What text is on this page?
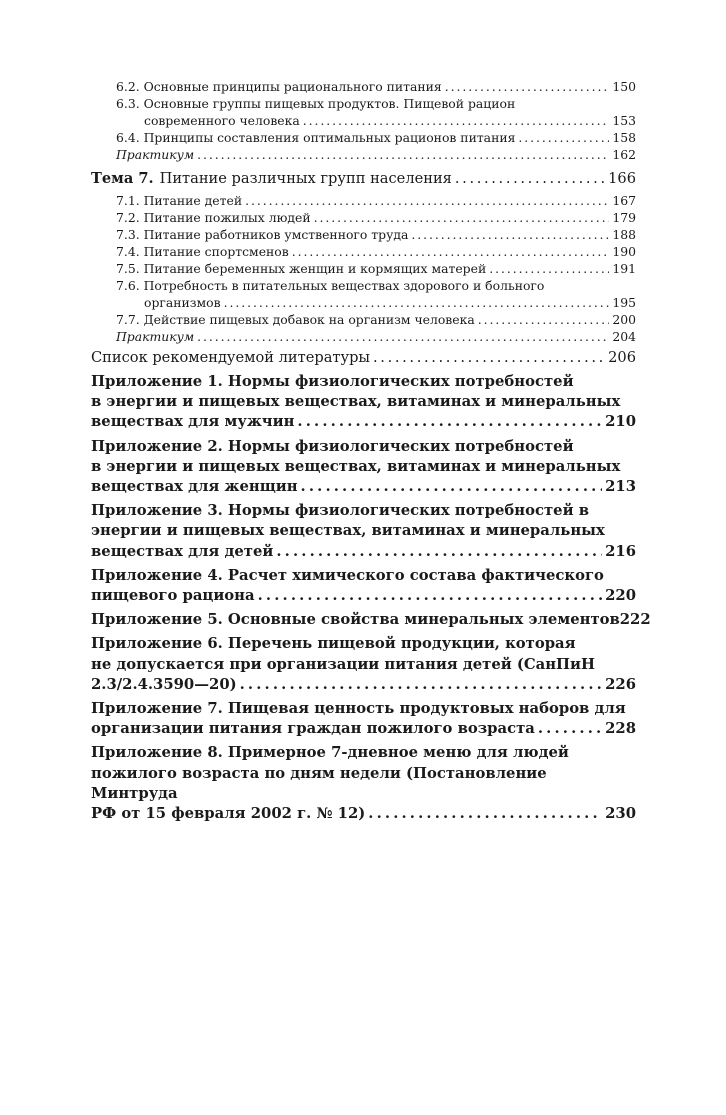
6.2. Основные принципы рационального питания . . .	150
6.3. Основные группы пищевых продуктов. Пищевой рацион
современного человека . . .	153
6.4. Принципы составления оптимальных рационов питания . . .	158
Практикум . . .	162
Тема 7. Питание различных групп населения . . .	166
7.1. Питание детей . . .	167
7.2. Питание пожилых людей . . .	179
7.3. Питание работников умственного труда . . .	188
7.4. Питание спортсменов . . .	190
7.5. Питание беременных женщин и кормящих матерей . . .	191
7.6. Потребность в питательных веществах здорового и больного
организмов . . .	195
7.7. Действие пищевых добавок на организм человека . . .	200
Практикум . . .	204
Список рекомендуемой литературы . . .	206
Приложение 1. Нормы физиологических потребностей
в энергии и пищевых веществах, витаминах и минеральных
веществах для мужчин . . .	210
Приложение 2. Нормы физиологических потребностей
в энергии и пищевых веществах, витаминах и минеральных
веществах для женщин . . .	213
Приложение 3. Нормы физиологических потребностей в
энергии и пищевых веществах, витаминах и минеральных
веществах для детей . . .	216
Приложение 4. Расчет химического состава фактического
пищевого рациона . . .	220
Приложение 5. Основные свойства минеральных элементов 222
Приложение 6. Перечень пищевой продукции, которая
не допускается при организации питания детей (СанПиН
2.3/2.4.3590—20) . . .	226
Приложение 7. Пищевая ценность продуктовых наборов для
организации питания граждан пожилого возраста . . .	228
Приложение 8. Примерное 7-дневное меню для людей
пожилого возраста по дням недели (Постановление Минтруда
РФ от 15 февраля 2002 г. № 12) . . .	230
